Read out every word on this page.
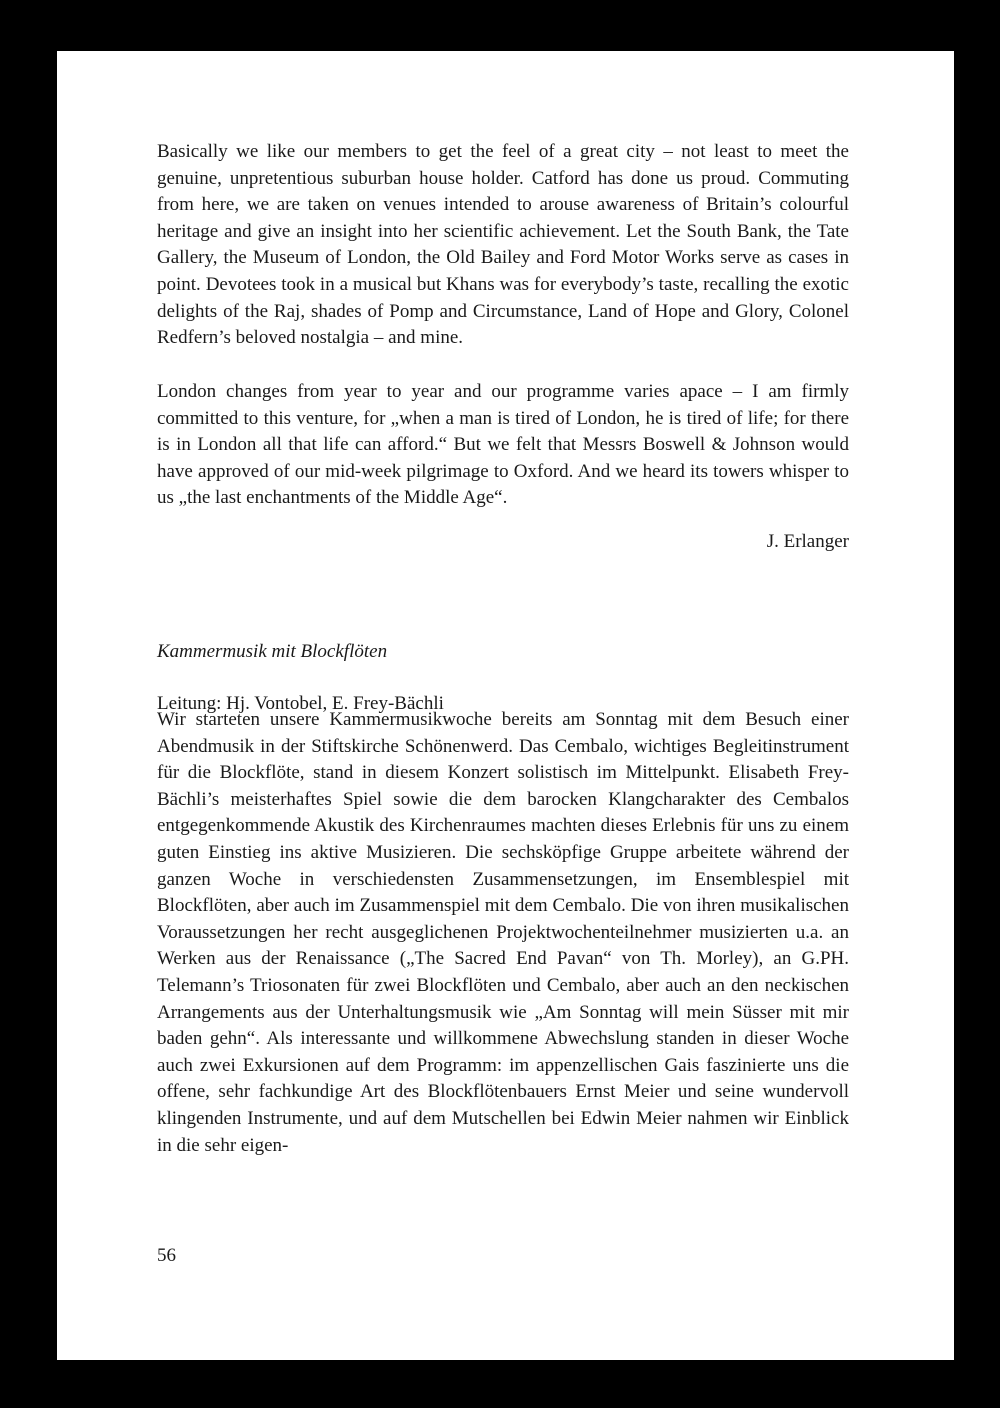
Basically we like our members to get the feel of a great city – not least to meet the genuine, unpretentious suburban house holder. Catford has done us proud. Commuting from here, we are taken on venues intended to arouse awareness of Britain’s colourful heritage and give an insight into her scientific achievement. Let the South Bank, the Tate Gallery, the Museum of London, the Old Bailey and Ford Motor Works serve as cases in point. Devotees took in a musical but Khans was for everybody’s taste, recalling the exotic delights of the Raj, shades of Pomp and Circumstance, Land of Hope and Glory, Colonel Redfern’s beloved nostalgia – and mine.

London changes from year to year and our programme varies apace – I am firmly committed to this venture, for „when a man is tired of London, he is tired of life; for there is in London all that life can afford.“ But we felt that Messrs Boswell & Johnson would have approved of our mid-week pilgrimage to Oxford. And we heard its towers whisper to us „the last enchantments of the Middle Age“.

J. Erlanger
Kammermusik mit Blockflöten
Leitung: Hj. Vontobel, E. Frey-Bächli

Wir starteten unsere Kammermusikwoche bereits am Sonntag mit dem Besuch einer Abendmusik in der Stiftskirche Schönenwerd. Das Cembalo, wichtiges Begleitinstrument für die Blockflöte, stand in diesem Konzert solistisch im Mittelpunkt. Elisabeth Frey-Bächli’s meisterhaftes Spiel sowie die dem barocken Klangcharakter des Cembalos entgegenkommende Akustik des Kirchenraumes machten dieses Erlebnis für uns zu einem guten Einstieg ins aktive Musizieren. Die sechsköpfige Gruppe arbeitete während der ganzen Woche in verschiedensten Zusammensetzungen, im Ensemblespiel mit Blockflöten, aber auch im Zusammenspiel mit dem Cembalo. Die von ihren musikalischen Voraussetzungen her recht ausgeglichenen Projektwochenteilnehmer musizierten u.a. an Werken aus der Renaissance („The Sacred End Pavan“ von Th. Morley), an G.PH. Telemann’s Triosonaten für zwei Blockflöten und Cembalo, aber auch an den neckischen Arrangements aus der Unterhaltungsmusik wie „Am Sonntag will mein Süsser mit mir baden gehn“. Als interessante und willkommene Abwechslung standen in dieser Woche auch zwei Exkursionen auf dem Programm: im appenzellischen Gais faszinierte uns die offene, sehr fachkundige Art des Blockflötenbauers Ernst Meier und seine wundervoll klingenden Instrumente, und auf dem Mutschellen bei Edwin Meier nahmen wir Einblick in die sehr eigen-

56
